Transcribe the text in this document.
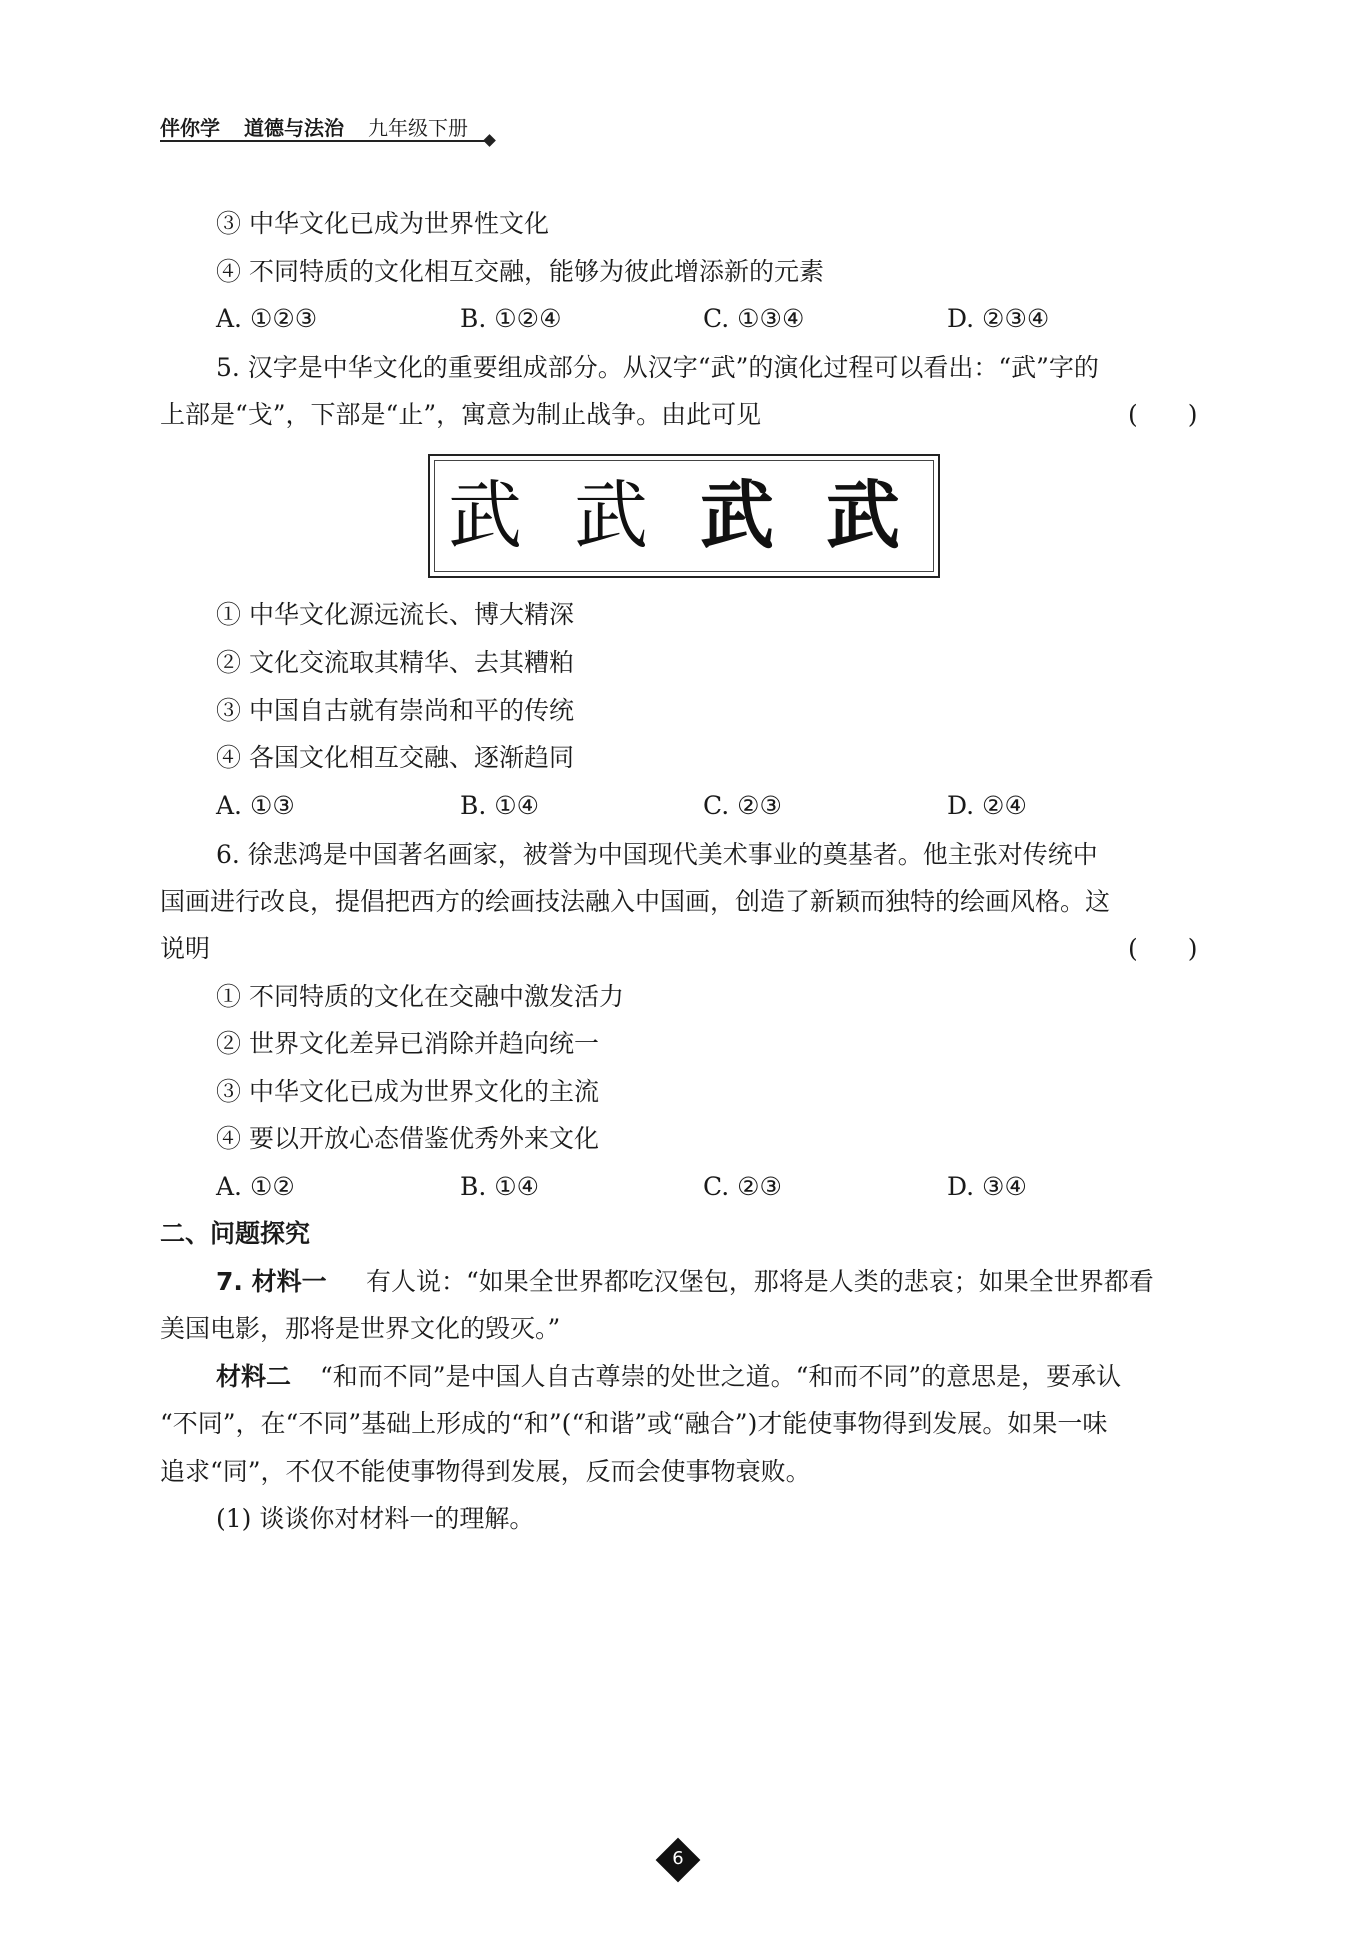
伴你学 道德与法治 九年级下册
③ 中华文化已成为世界性文化
④ 不同特质的文化相互交融，能够为彼此增添新的元素
A. ①②③	B. ①②④	C. ①③④	D. ②③④
5. 汉字是中华文化的重要组成部分。从汉字“武”的演化过程可以看出：“武”字的
上部是“戈”，下部是“止”，寓意为制止战争。由此可见	(　　)
武 武 武 武
① 中华文化源远流长、博大精深
② 文化交流取其精华、去其糟粕
③ 中国自古就有崇尚和平的传统
④ 各国文化相互交融、逐渐趋同
A. ①③	B. ①④	C. ②③	D. ②④
6. 徐悲鸿是中国著名画家，被誉为中国现代美术事业的奠基者。他主张对传统中
国画进行改良，提倡把西方的绘画技法融入中国画，创造了新颖而独特的绘画风格。这
说明	(　　)
① 不同特质的文化在交融中激发活力
② 世界文化差异已消除并趋向统一
③ 中华文化已成为世界文化的主流
④ 要以开放心态借鉴优秀外来文化
A. ①②	B. ①④	C. ②③	D. ③④
二、问题探究
7. 材料一 有人说：“如果全世界都吃汉堡包，那将是人类的悲哀；如果全世界都看
美国电影，那将是世界文化的毁灭。”
材料二 “和而不同”是中国人自古尊崇的处世之道。“和而不同”的意思是，要承认
“不同”，在“不同”基础上形成的“和”(“和谐”或“融合”)才能使事物得到发展。如果一味
追求“同”，不仅不能使事物得到发展，反而会使事物衰败。
(1) 谈谈你对材料一的理解。
6
